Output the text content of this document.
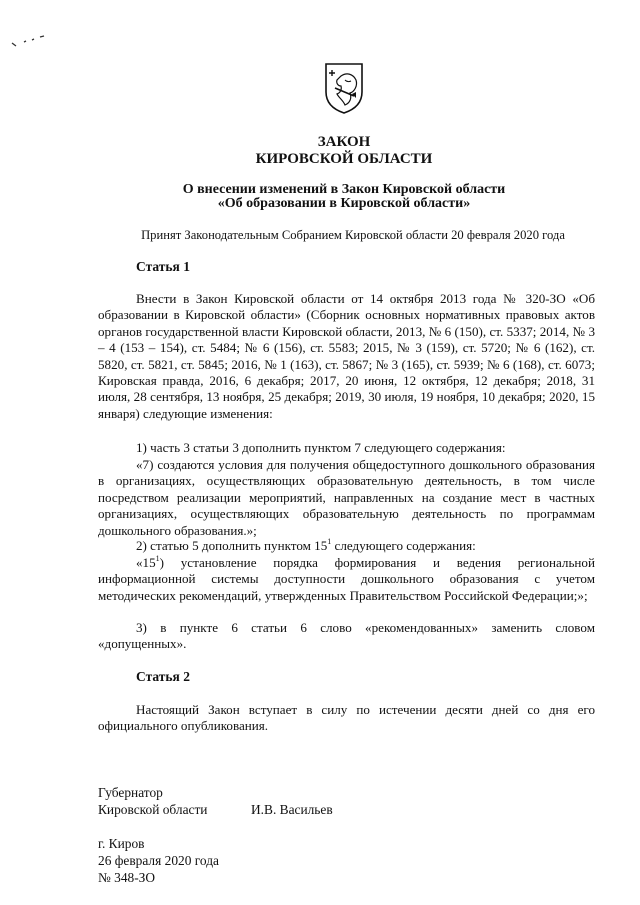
ЗАКОН
КИРОВСКОЙ ОБЛАСТИ
О внесении изменений в Закон Кировской области
«Об образовании в Кировской области»
Принят Законодательным Собранием Кировской области 20 февраля 2020 года
Статья 1
Внести в Закон Кировской области от 14 октября 2013 года № 320-ЗО «Об образовании в Кировской области» (Сборник основных нормативных правовых актов органов государственной власти Кировской области, 2013, № 6 (150), ст. 5337; 2014, № 3 – 4 (153 – 154), ст. 5484; № 6 (156), ст. 5583; 2015, № 3 (159), ст. 5720; № 6 (162), ст. 5820, ст. 5821, ст. 5845; 2016, № 1 (163), ст. 5867; № 3 (165), ст. 5939; № 6 (168), ст. 6073; Кировская правда, 2016, 6 декабря; 2017, 20 июня, 12 октября, 12 декабря; 2018, 31 июля, 28 сентября, 13 ноября, 25 декабря; 2019, 30 июля, 19 ноября, 10 декабря; 2020, 15 января) следующие изменения:
1) часть 3 статьи 3 дополнить пунктом 7 следующего содержания:
«7) создаются условия для получения общедоступного дошкольного образования в организациях, осуществляющих образовательную деятельность, в том числе посредством реализации мероприятий, направленных на создание мест в частных организациях, осуществляющих образовательную деятельность по программам дошкольного образования.»;
2) статью 5 дополнить пунктом $15^1$ следующего содержания:
«$15^1$) установление порядка формирования и ведения региональной информационной системы доступности дошкольного образования с учетом методических рекомендаций, утвержденных Правительством Российской Федерации;»;
3) в пункте 6 статьи 6 слово «рекомендованных» заменить словом «допущенных».
Статья 2
Настоящий Закон вступает в силу по истечении десяти дней со дня его официального опубликования.
Губернатор
Кировской области	И.В. Васильев
г. Киров
26 февраля 2020 года
№ 348-ЗО
